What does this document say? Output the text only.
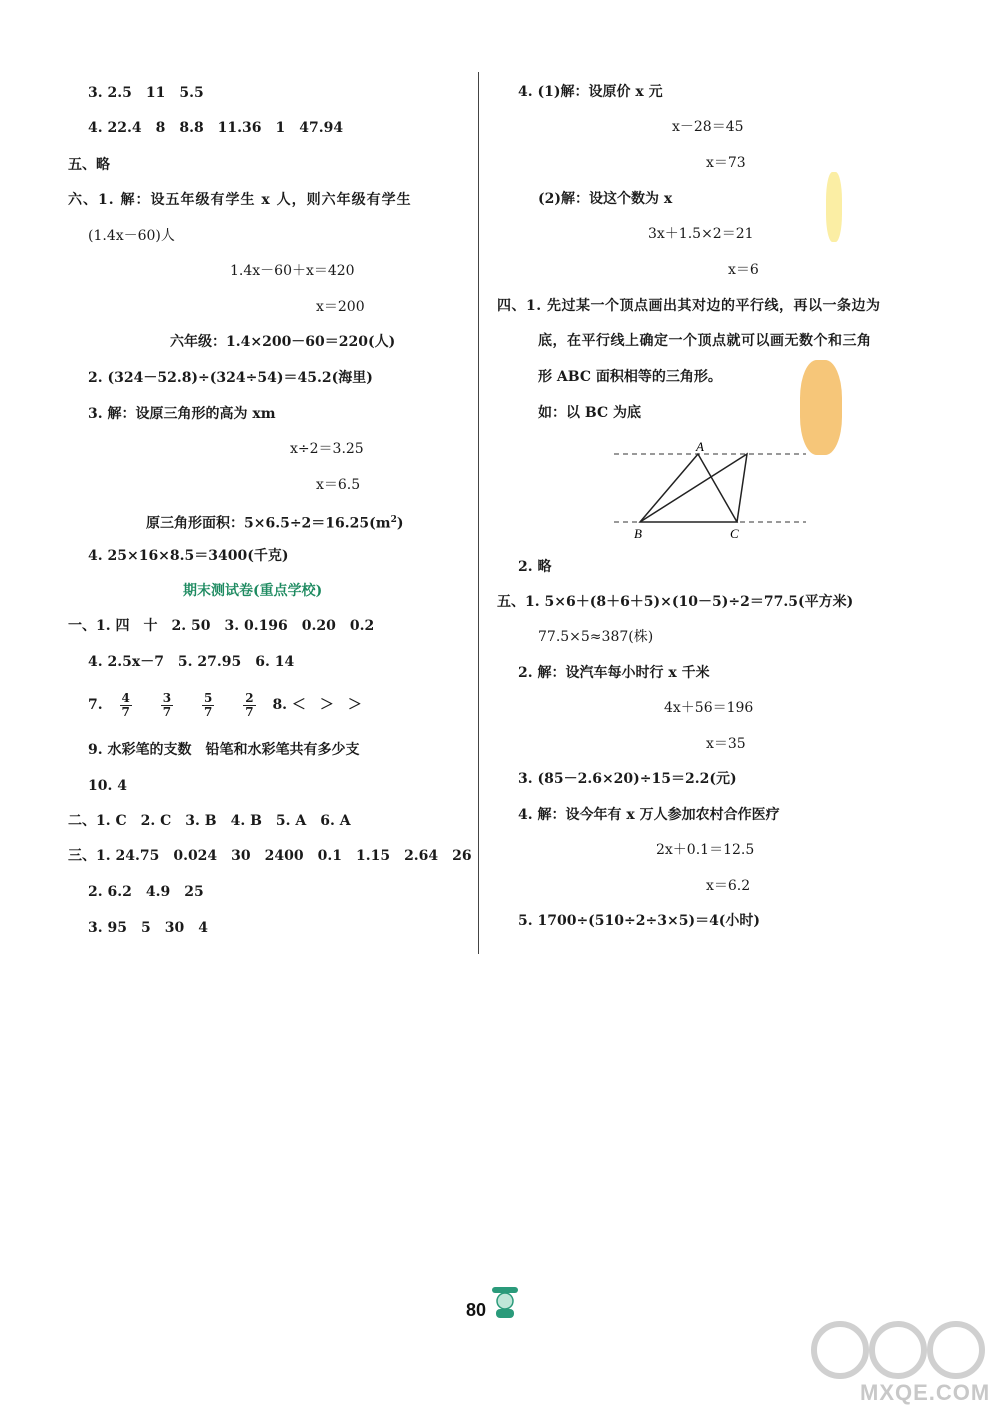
3. 2.5　11　5.5
4. 22.4　8　8.8　11.36　1　47.94
五、略
六、1. 解：设五年级有学生 x 人，则六年级有学生
(1.4x－60)人
1.4x－60＋x＝420
x＝200
六年级：1.4×200－60＝220(人)
2. (324－52.8)÷(324÷54)＝45.2(海里)
3. 解：设原三角形的高为 xm
x÷2＝3.25
x＝6.5
原三角形面积：$5\times 6.5\div 2=16.25(m^2)$
4. 25×16×8.5＝3400(千克)
期末测试卷(重点学校)
一、1. 四　十　2. 50　3. 0.196　0.20　0.2
4. 2.5x－7　5. 27.95　6. 14
7. $\frac{4}{7}$
$\frac{3}{7}$
$\frac{5}{7}$
$\frac{2}{7} 8$. ＜　＞　＞
9. 水彩笔的支数　铅笔和水彩笔共有多少支
10. 4
二、1. C　2. C　3. B　4. B　5. A　6. A
三、1. 24.75　0.024　30　2400　0.1　1.15　2.64　26
2. 6.2　4.9　25
3. 95　5　30　4
4. (1)解：设原价 x 元
x－28＝45
x＝73
(2)解：设这个数为 x
3x＋1.5×2＝21
x＝6
四、1. 先过某一个顶点画出其对边的平行线，再以一条边为
底，在平行线上确定一个顶点就可以画无数个和三角
形 ABC 面积相等的三角形。
如：以 BC 为底
A
B	C
2. 略
五、1. 5×6＋(8＋6＋5)×(10－5)÷2＝77.5(平方米)
77.5×5≈387(株)
2. 解：设汽车每小时行 x 千米
4x＋56＝196
x＝35
3. (85－2.6×20)÷15＝2.2(元)
4. 解：设今年有 x 万人参加农村合作医疗
2x＋0.1＝12.5
x＝6.2
5. 1700÷(510÷2÷3×5)＝4(小时)
80
MXQE.COM
